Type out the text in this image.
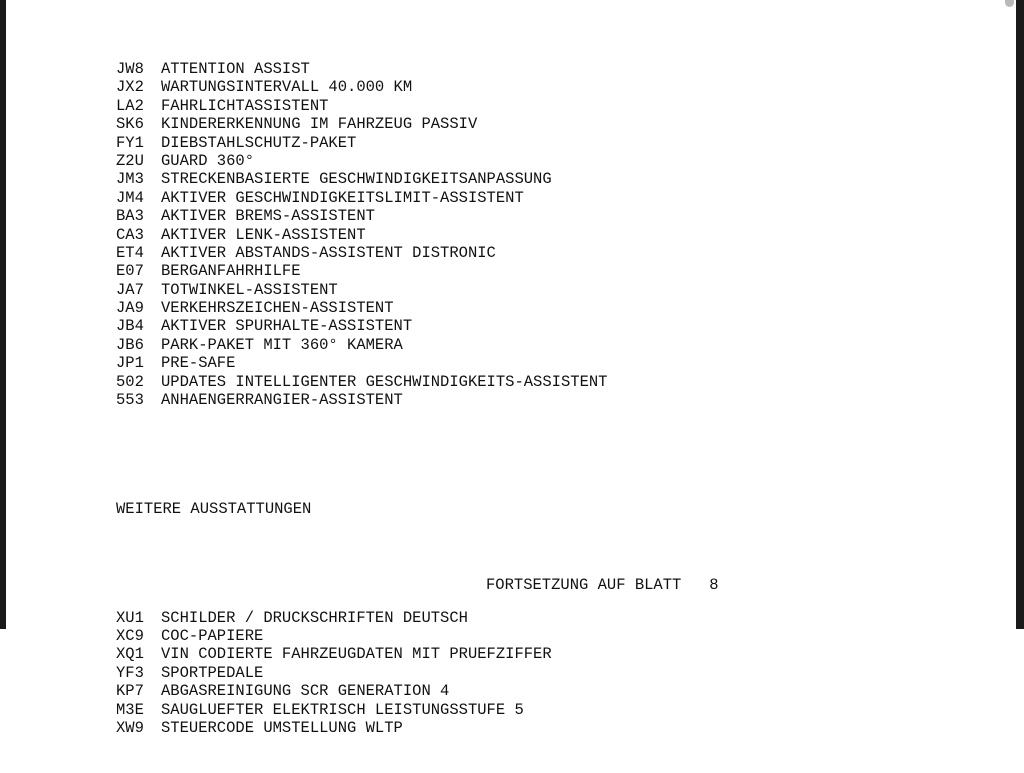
JW8 ATTENTION ASSIST
JX2 WARTUNGSINTERVALL 40.000 KM
LA2 FAHRLICHTASSISTENT
SK6 KINDERERKENNUNG IM FAHRZEUG PASSIV
FY1 DIEBSTAHLSCHUTZ-PAKET
Z2U GUARD 360°
JM3 STRECKENBASIERTE GESCHWINDIGKEITSANPASSUNG
JM4 AKTIVER GESCHWINDIGKEITSLIMIT-ASSISTENT
BA3 AKTIVER BREMS-ASSISTENT
CA3 AKTIVER LENK-ASSISTENT
ET4 AKTIVER ABSTANDS-ASSISTENT DISTRONIC
E07 BERGANFAHRHILFE
JA7 TOTWINKEL-ASSISTENT
JA9 VERKEHRSZEICHEN-ASSISTENT
JB4 AKTIVER SPURHALTE-ASSISTENT
JB6 PARK-PAKET MIT 360° KAMERA
JP1 PRE-SAFE
502 UPDATES INTELLIGENTER GESCHWINDIGKEITS-ASSISTENT
553 ANHAENGERRANGIER-ASSISTENT

WEITERE AUSSTATTUNGEN

XU1 SCHILDER / DRUCKSCHRIFTEN DEUTSCH
XC9 COC-PAPIERE
XQ1 VIN CODIERTE FAHRZEUGDATEN MIT PRUEFZIFFER
YF3 SPORTPEDALE
KP7 ABGASREINIGUNG SCR GENERATION 4
M3E SAUGLUEFTER ELEKTRISCH LEISTUNGSSTUFE 5
XW9 STEUERCODE UMSTELLUNG WLTP

FORTSETZUNG AUF BLATT 8
